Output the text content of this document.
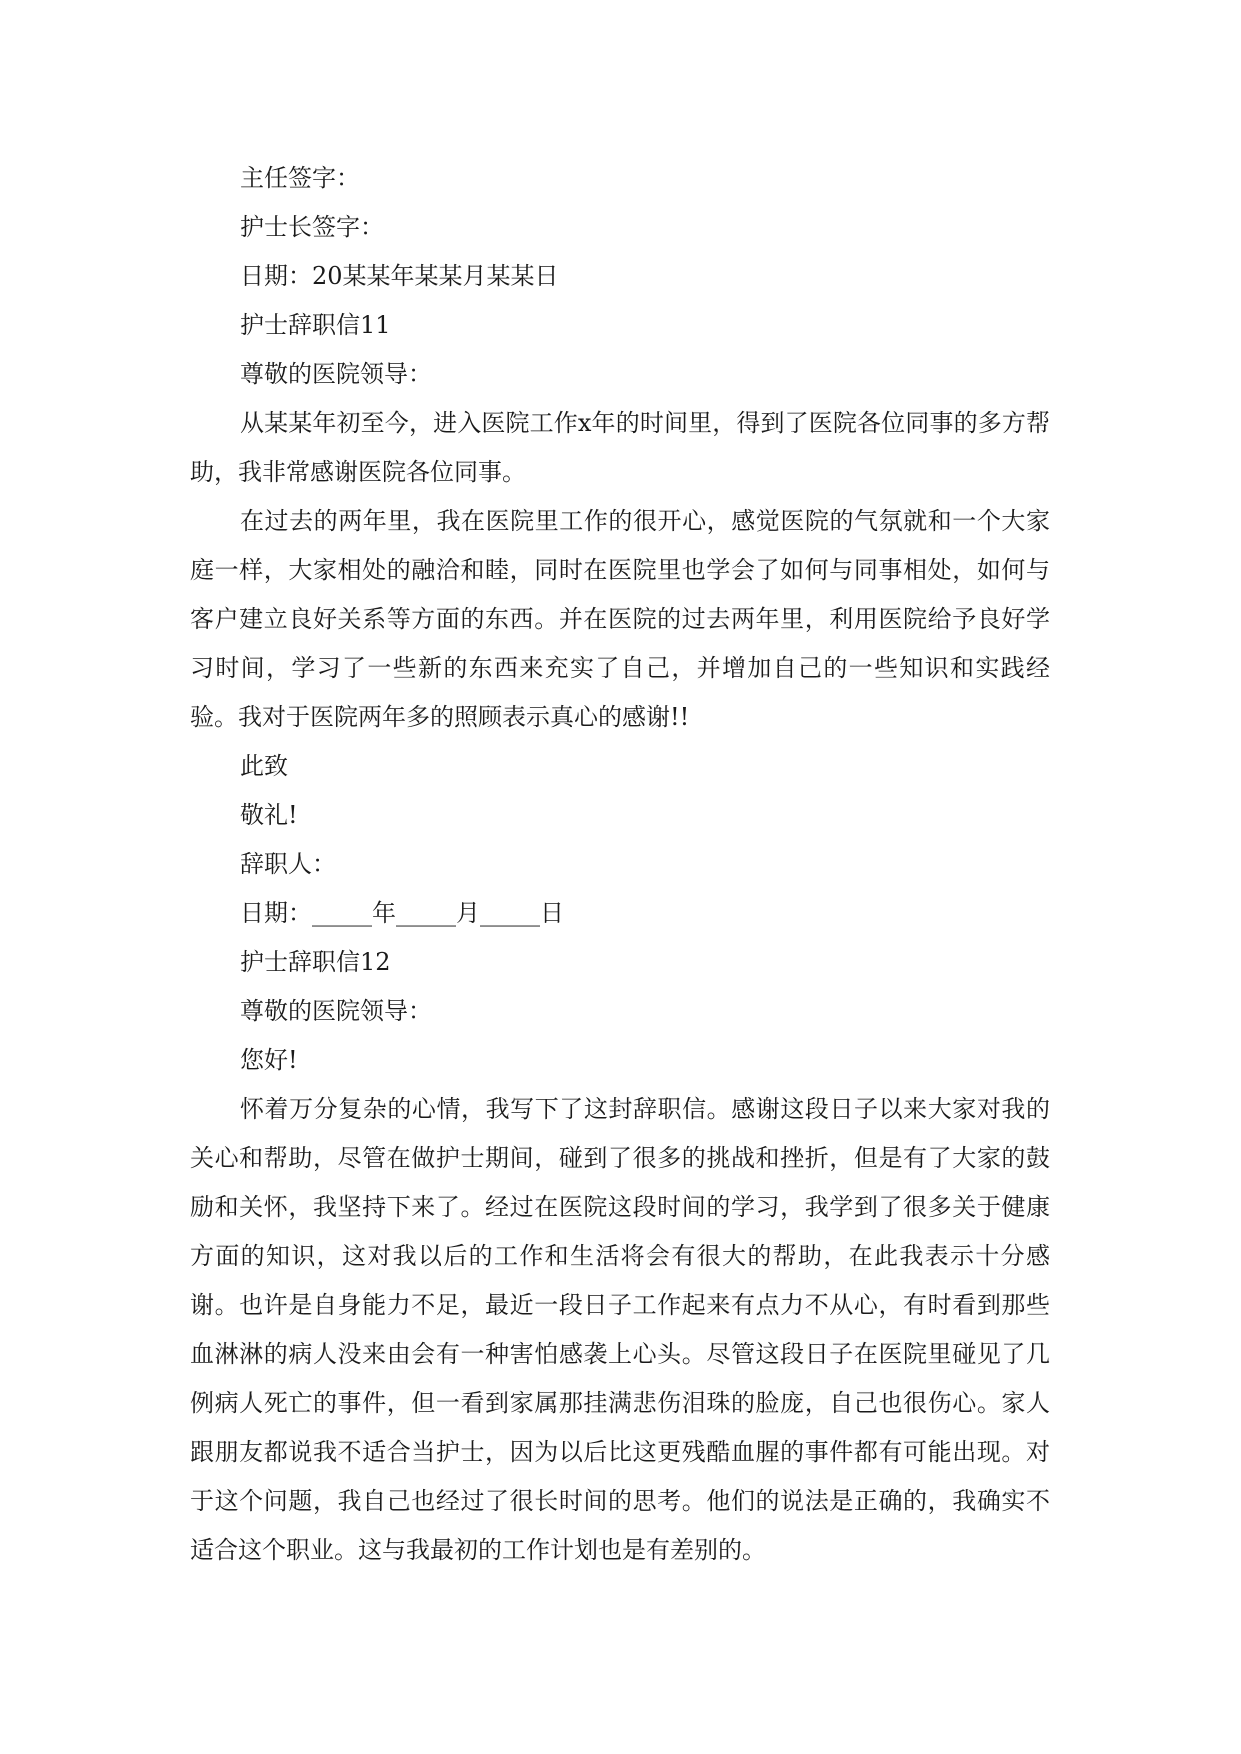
主任签字：

护士长签字：

日期：20某某年某某月某某日

护士辞职信11

尊敬的医院领导：

从某某年初至今，进入医院工作x年的时间里，得到了医院各位同事的多方帮助，我非常感谢医院各位同事。

在过去的两年里，我在医院里工作的很开心，感觉医院的气氛就和一个大家庭一样，大家相处的融洽和睦，同时在医院里也学会了如何与同事相处，如何与客户建立良好关系等方面的东西。并在医院的过去两年里，利用医院给予良好学习时间，学习了一些新的东西来充实了自己，并增加自己的一些知识和实践经验。我对于医院两年多的照顾表示真心的感谢!!

此致

敬礼!

辞职人：

日期：_____年_____月_____日

护士辞职信12

尊敬的医院领导：

您好!

怀着万分复杂的心情，我写下了这封辞职信。感谢这段日子以来大家对我的关心和帮助，尽管在做护士期间，碰到了很多的挑战和挫折，但是有了大家的鼓励和关怀，我坚持下来了。经过在医院这段时间的学习，我学到了很多关于健康方面的知识，这对我以后的工作和生活将会有很大的帮助，在此我表示十分感谢。也许是自身能力不足，最近一段日子工作起来有点力不从心，有时看到那些血淋淋的病人没来由会有一种害怕感袭上心头。尽管这段日子在医院里碰见了几例病人死亡的事件，但一看到家属那挂满悲伤泪珠的脸庞，自己也很伤心。家人跟朋友都说我不适合当护士，因为以后比这更残酷血腥的事件都有可能出现。对于这个问题，我自己也经过了很长时间的思考。他们的说法是正确的，我确实不适合这个职业。这与我最初的工作计划也是有差别的。
